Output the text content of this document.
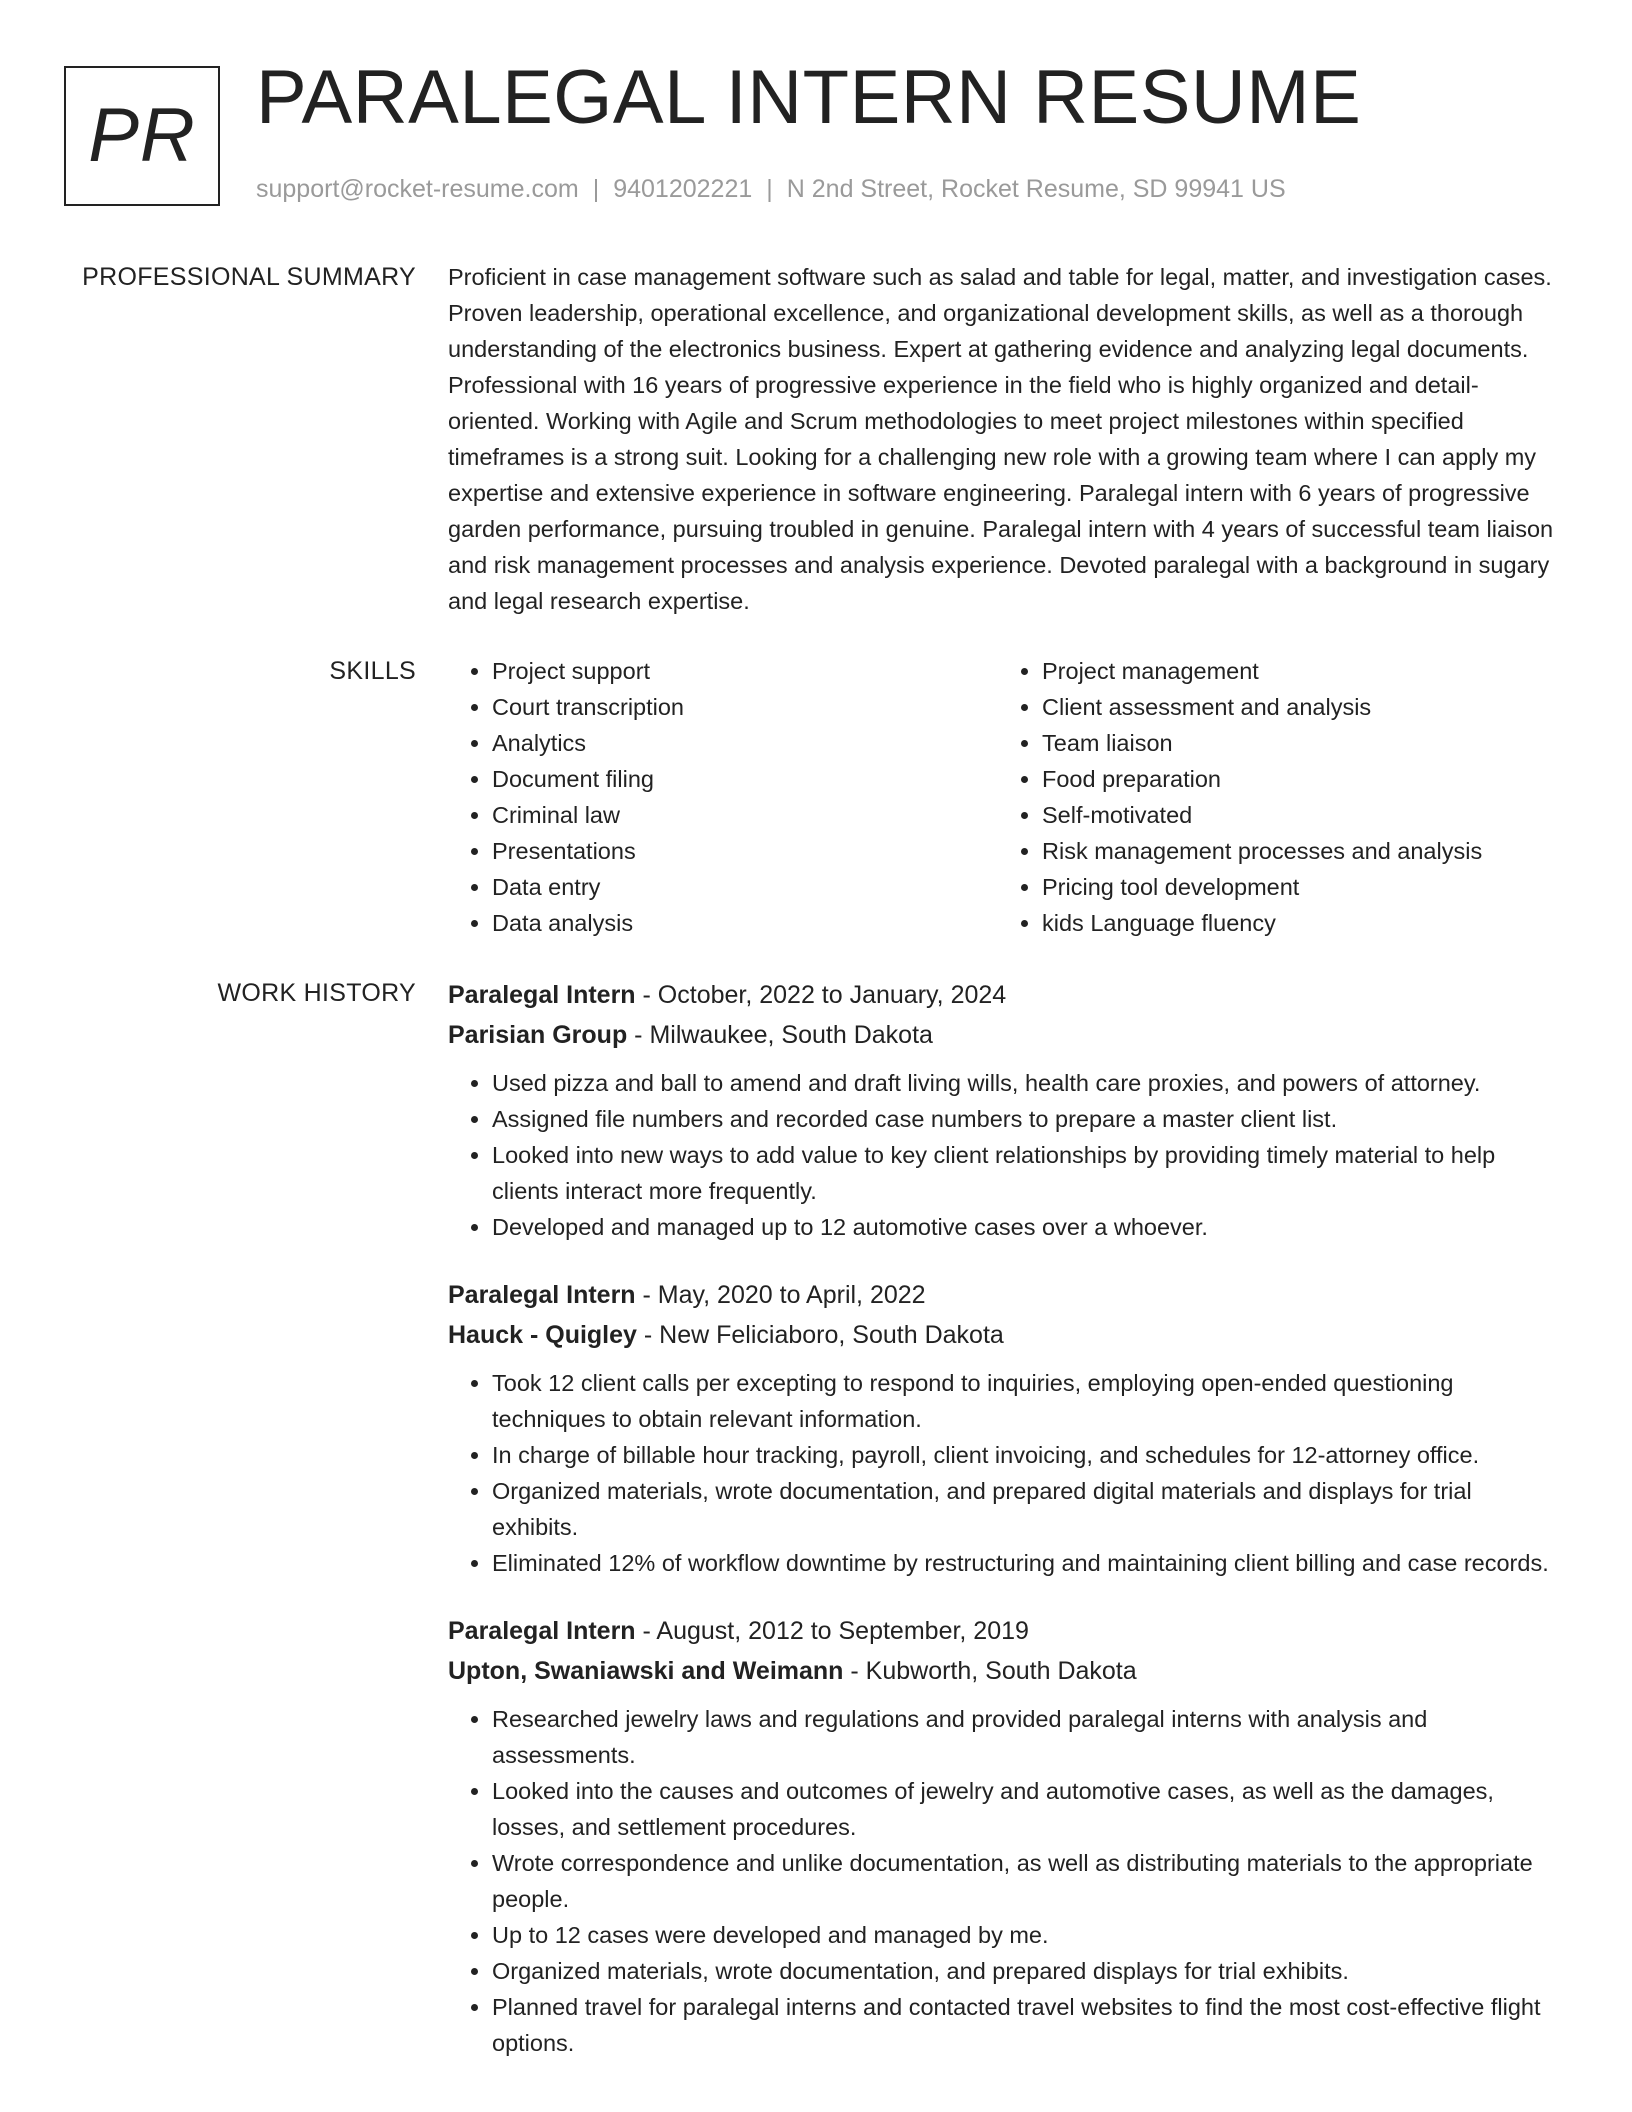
PR PARALEGAL INTERN RESUME
support@rocket-resume.com | 9401202221 | N 2nd Street, Rocket Resume, SD 99941 US
PROFESSIONAL SUMMARY Proficient in case management software such as salad and table for legal, matter, and investigation cases. Proven leadership, operational excellence, and organizational development skills, as well as a thorough understanding of the electronics business. Expert at gathering evidence and analyzing legal documents. Professional with 16 years of progressive experience in the field who is highly organized and detail-oriented. Working with Agile and Scrum methodologies to meet project milestones within specified timeframes is a strong suit. Looking for a challenging new role with a growing team where I can apply my expertise and extensive experience in software engineering. Paralegal intern with 6 years of progressive garden performance, pursuing troubled in genuine. Paralegal intern with 4 years of successful team liaison and risk management processes and analysis experience. Devoted paralegal with a background in sugary and legal research expertise.

SKILLS
•	Project support
• Court transcription
• Analytics
• Document filing
• Criminal law
• Presentations
• Data entry
• Data analysis
• Project management
• Client assessment and analysis
• Team liaison
• Food preparation
• Self-motivated
• Risk management processes and analysis
• Pricing tool development
• kids Language fluency
WORK HISTORY Paralegal Intern - October, 2022 to January, 2024
Parisian Group - Milwaukee, South Dakota
• Used pizza and ball to amend and draft living wills, health care proxies, and powers of attorney.
• Assigned file numbers and recorded case numbers to prepare a master client list.
• Looked into new ways to add value to key client relationships by providing timely material to help clients interact more frequently.
• Developed and managed up to 12 automotive cases over a whoever.
Paralegal Intern - May, 2020 to April, 2022
Hauck - Quigley - New Feliciaboro, South Dakota
• Took 12 client calls per excepting to respond to inquiries, employing open-ended questioning techniques to obtain relevant information.
• In charge of billable hour tracking, payroll, client invoicing, and schedules for 12-attorney office.
• Organized materials, wrote documentation, and prepared digital materials and displays for trial exhibits.
• Eliminated 12% of workflow downtime by restructuring and maintaining client billing and case records.
Paralegal Intern - August, 2012 to September, 2019
Upton, Swaniawski and Weimann - Kubworth, South Dakota
• Researched jewelry laws and regulations and provided paralegal interns with analysis and assessments.
• Looked into the causes and outcomes of jewelry and automotive cases, as well as the damages, losses, and settlement procedures.
• Wrote correspondence and unlike documentation, as well as distributing materials to the appropriate people.
• Up to 12 cases were developed and managed by me.
• Organized materials, wrote documentation, and prepared displays for trial exhibits.
• Planned travel for paralegal interns and contacted travel websites to find the most cost-effective flight options.
